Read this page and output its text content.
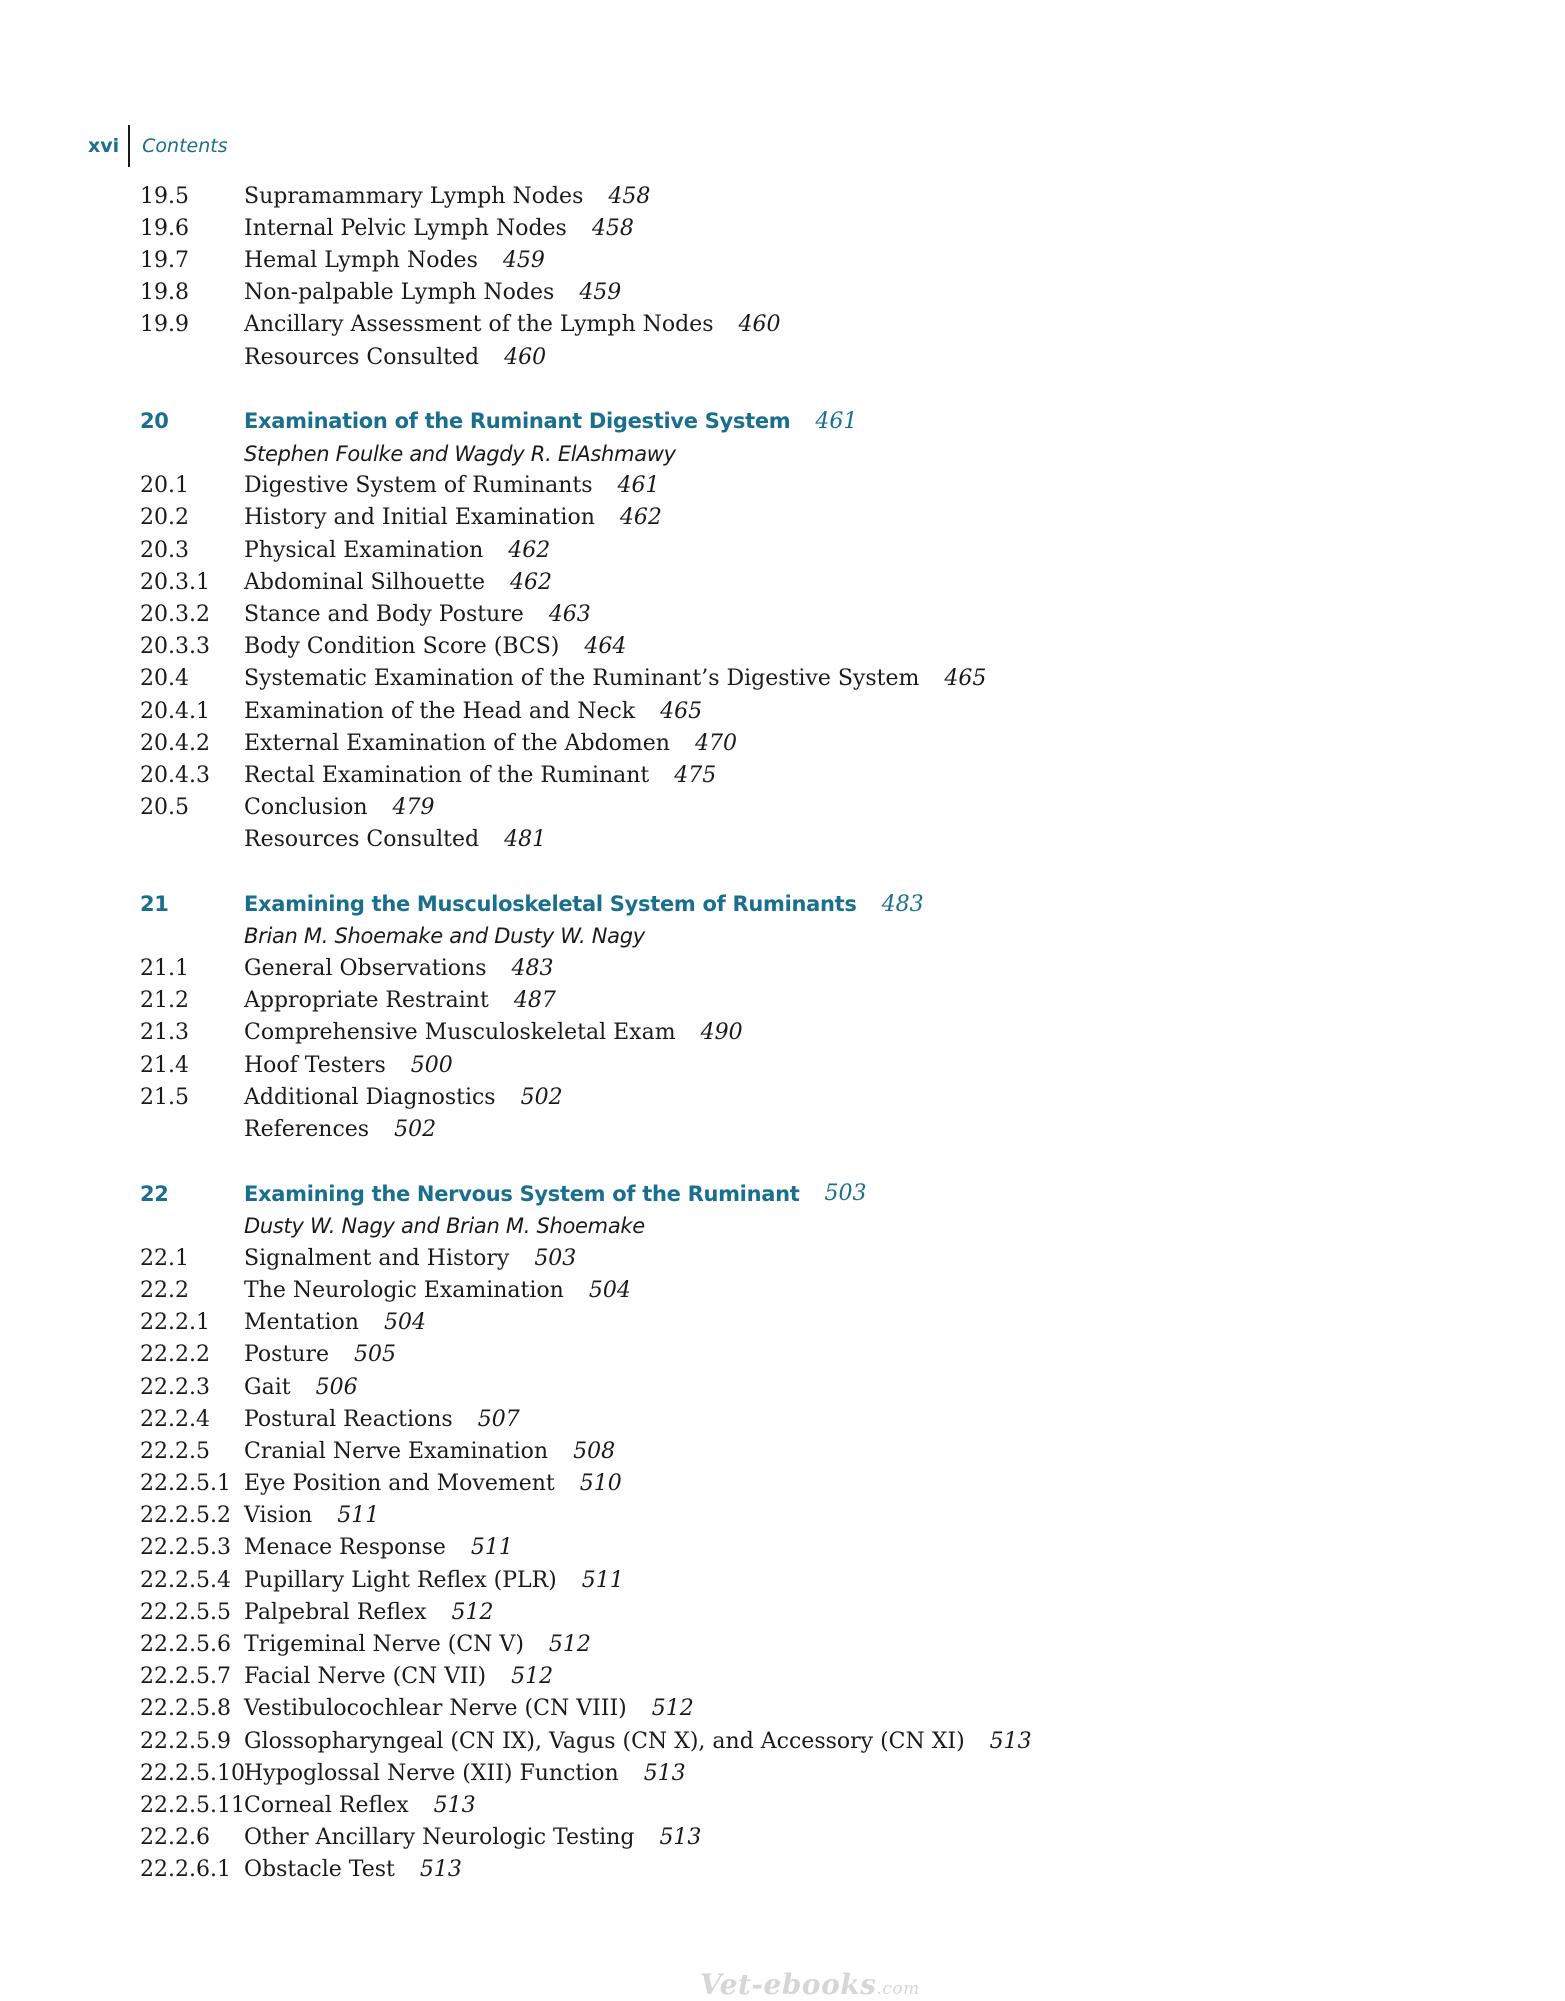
xvi	Contents
19.5	Supramammary Lymph Nodes 458
19.6	Internal Pelvic Lymph Nodes 458
19.7	Hemal Lymph Nodes 459
19.8	Non-palpable Lymph Nodes 459
19.9	Ancillary Assessment of the Lymph Nodes 460
Resources Consulted 460
20	Examination of the Ruminant Digestive System 461
Stephen Foulke and Wagdy R. ElAshmawy
20.1	Digestive System of Ruminants 461
20.2	History and Initial Examination 462
20.3	Physical Examination 462
20.3.1	Abdominal Silhouette 462
20.3.2	Stance and Body Posture 463
20.3.3	Body Condition Score (BCS) 464
20.4	Systematic Examination of the Ruminant’s Digestive System 465
20.4.1	Examination of the Head and Neck 465
20.4.2	External Examination of the Abdomen 470
20.4.3	Rectal Examination of the Ruminant 475
20.5	Conclusion 479
Resources Consulted 481
21	Examining the Musculoskeletal System of Ruminants 483
Brian M. Shoemake and Dusty W. Nagy
21.1	General Observations 483
21.2	Appropriate Restraint 487
21.3	Comprehensive Musculoskeletal Exam 490
21.4	Hoof Testers 500
21.5	Additional Diagnostics 502
References 502
22	Examining the Nervous System of the Ruminant 503
Dusty W. Nagy and Brian M. Shoemake
22.1	Signalment and History 503
22.2	The Neurologic Examination 504
22.2.1	Mentation 504
22.2.2	Posture 505
22.2.3	Gait 506
22.2.4	Postural Reactions 507
22.2.5	Cranial Nerve Examination 508
22.2.5.1 Eye Position and Movement 510
22.2.5.2 Vision 511
22.2.5.3 Menace Response 511
22.2.5.4 Pupillary Light Reflex (PLR) 511
22.2.5.5 Palpebral Reflex 512
22.2.5.6 Trigeminal Nerve (CN V) 512
22.2.5.7 Facial Nerve (CN VII) 512
22.2.5.8 Vestibulocochlear Nerve (CN VIII) 512
22.2.5.9 Glossopharyngeal (CN IX), Vagus (CN X), and Accessory (CN XI) 513
22.2.5.10 Hypoglossal Nerve (XII) Function 513
22.2.5.11 Corneal Reflex 513
22.2.6	Other Ancillary Neurologic Testing 513
22.2.6.1 Obstacle Test 513
Vet-ebooks.com
